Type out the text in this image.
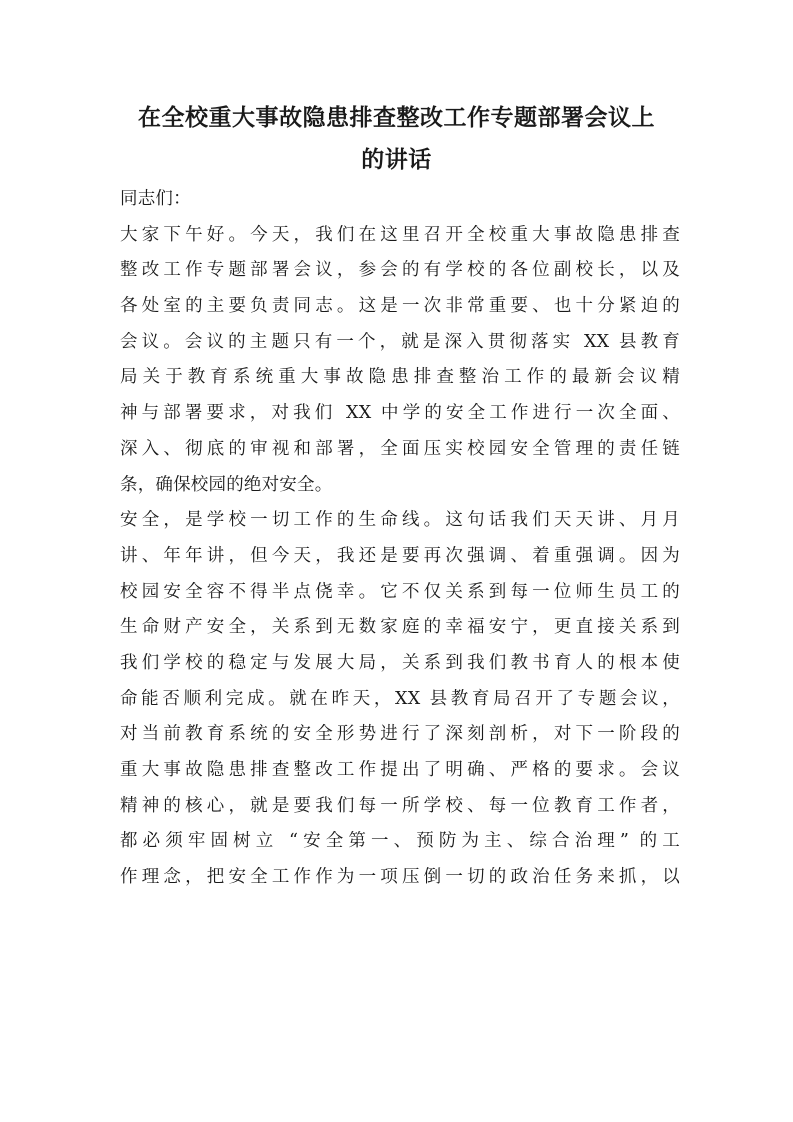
在全校重大事故隐患排查整改工作专题部署会议上
的讲话
同志们：
大家下午好。今天，我们在这里召开全校重大事故隐患排查
整改工作专题部署会议，参会的有学校的各位副校长，以及
各处室的主要负责同志。这是一次非常重要、也十分紧迫的
会议。会议的主题只有一个，就是深入贯彻落实 XX 县教育
局关于教育系统重大事故隐患排查整治工作的最新会议精
神与部署要求，对我们 XX 中学的安全工作进行一次全面、
深入、彻底的审视和部署，全面压实校园安全管理的责任链
条，确保校园的绝对安全。
安全，是学校一切工作的生命线。这句话我们天天讲、月月
讲、年年讲，但今天，我还是要再次强调、着重强调。因为
校园安全容不得半点侥幸。它不仅关系到每一位师生员工的
生命财产安全，关系到无数家庭的幸福安宁，更直接关系到
我们学校的稳定与发展大局，关系到我们教书育人的根本使
命能否顺利完成。就在昨天，XX 县教育局召开了专题会议，
对当前教育系统的安全形势进行了深刻剖析，对下一阶段的
重大事故隐患排查整改工作提出了明确、严格的要求。会议
精神的核心，就是要我们每一所学校、每一位教育工作者，
都必须牢固树立 “安全第一、预防为主、综合治理” 的工
作理念，把安全工作作为一项压倒一切的政治任务来抓，以
